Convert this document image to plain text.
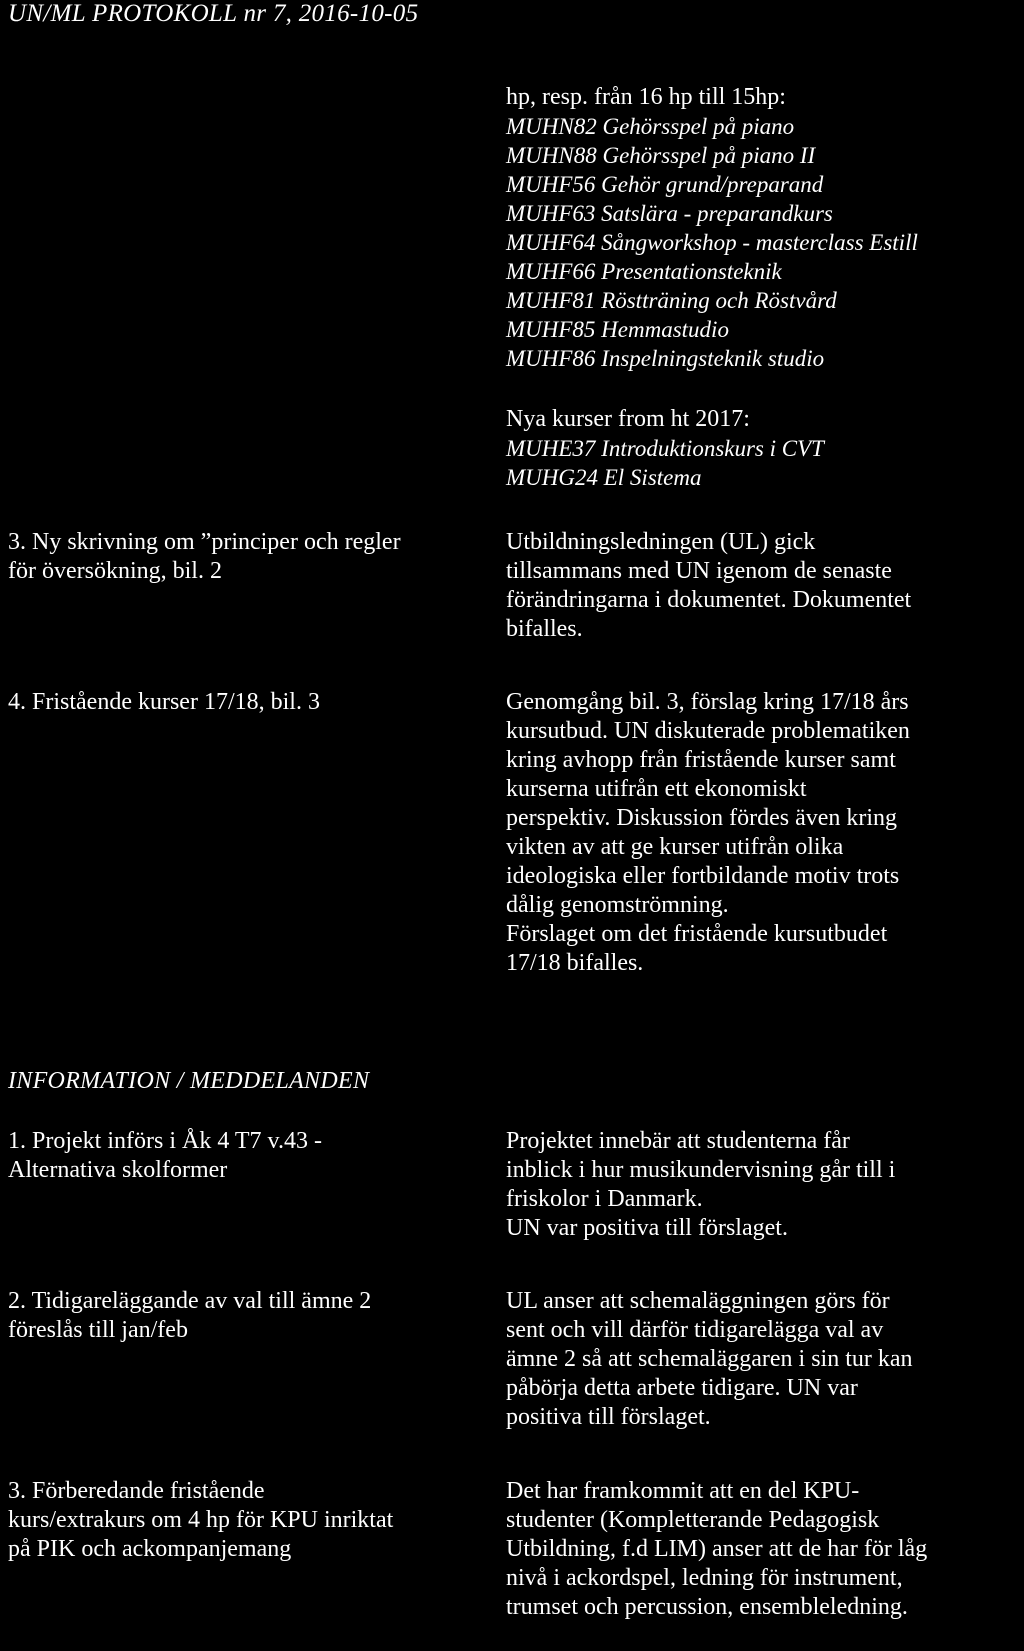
UN/ML PROTOKOLL nr 7, 2016-10-05
hp, resp. från 16 hp till 15hp:
MUHN82 Gehörsspel på piano
MUHN88 Gehörsspel på piano II
MUHF56 Gehör grund/preparand
MUHF63 Satslära - preparandkurs
MUHF64 Sångworkshop - masterclass Estill
MUHF66 Presentationsteknik
MUHF81 Röstträning och Röstvård
MUHF85 Hemmastudio
MUHF86 Inspelningsteknik studio
Nya kurser from ht 2017:
MUHE37 Introduktionskurs i CVT
MUHG24 El Sistema
3. Ny skrivning om ”principer och regler
för översökning, bil. 2
Utbildningsledningen (UL) gick
tillsammans med UN igenom de senaste
förändringarna i dokumentet. Dokumentet
bifalles.
4. Fristående kurser 17/18, bil. 3	Genomgång bil. 3, förslag kring 17/18 års
kursutbud. UN diskuterade problematiken
kring avhopp från fristående kurser samt
kurserna utifrån ett ekonomiskt
perspektiv. Diskussion fördes även kring
vikten av att ge kurser utifrån olika
ideologiska eller fortbildande motiv trots
dålig genomströmning.
Förslaget om det fristående kursutbudet
17/18 bifalles.
INFORMATION / MEDDELANDEN
1. Projekt införs i Åk 4 T7 v.43 -
Alternativa skolformer
Projektet innebär att studenterna får
inblick i hur musikundervisning går till i
friskolor i Danmark.
UN var positiva till förslaget.
2. Tidigareläggande av val till ämne 2
föreslås till jan/feb
UL anser att schemaläggningen görs för
sent och vill därför tidigarelägga val av
ämne 2 så att schemaläggaren i sin tur kan
påbörja detta arbete tidigare. UN var
positiva till förslaget.
3. Förberedande fristående
kurs/extrakurs om 4 hp för KPU inriktat
på PIK och ackompanjemang
Det har framkommit att en del KPU-
studenter (Kompletterande Pedagogisk
Utbildning, f.d LIM) anser att de har för låg
nivå i ackordspel, ledning för instrument,
trumset och percussion, ensembleledning.
